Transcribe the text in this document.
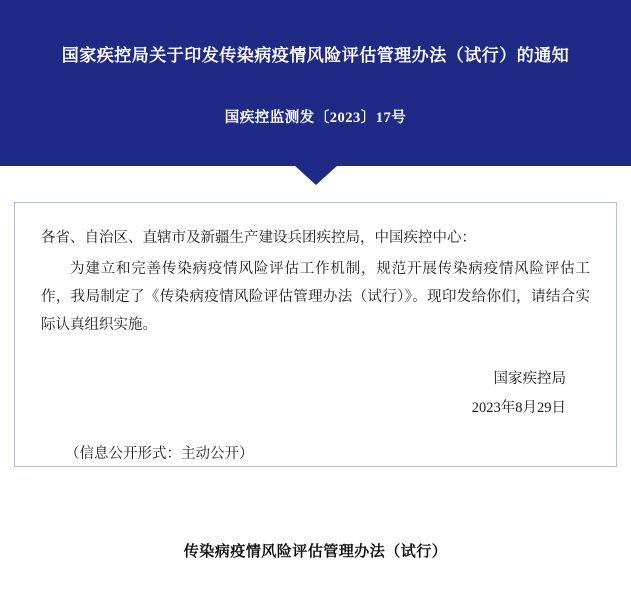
国家疾控局关于印发传染病疫情风险评估管理办法（试行）的通知
国疾控监测发〔2023〕17号
各省、自治区、直辖市及新疆生产建设兵团疾控局，中国疾控中心：
为建立和完善传染病疫情风险评估工作机制，规范开展传染病疫情风险评估工作，我局制定了《传染病疫情风险评估管理办法（试行）》。现印发给你们，请结合实际认真组织实施。
国家疾控局
2023年8月29日
（信息公开形式：主动公开）
传染病疫情风险评估管理办法（试行）
